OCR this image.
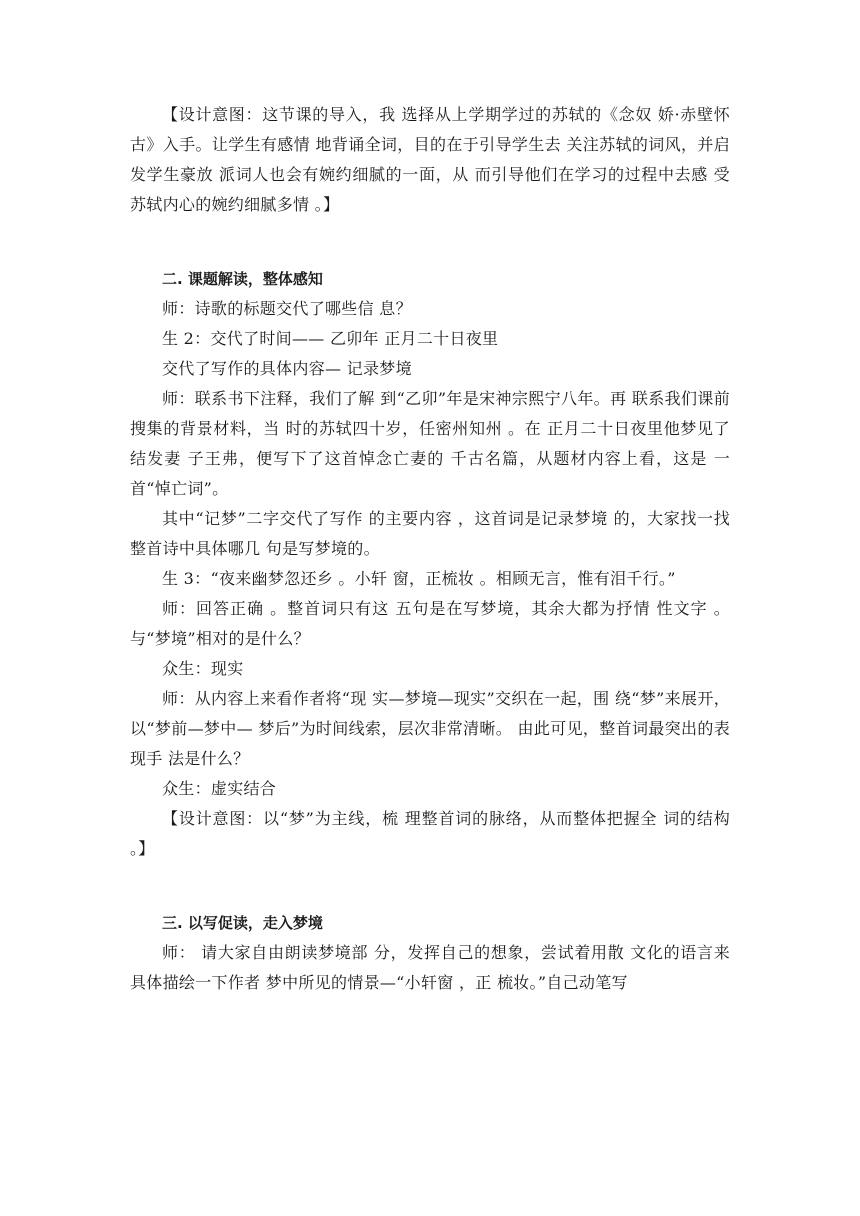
【设计意图：这节课的导入，我 选择从上学期学过的苏轼的《念奴 娇·赤壁怀古》入手。让学生有感情 地背诵全词，目的在于引导学生去 关注苏轼的词风，并启发学生豪放 派词人也会有婉约细腻的一面，从 而引导他们在学习的过程中去感 受苏轼内心的婉约细腻多情 。】

二. 课题解读，整体感知

师：诗歌的标题交代了哪些信 息？

生 2：交代了时间—— 乙卯年 正月二十日夜里

交代了写作的具体内容— 记录梦境

师：联系书下注释，我们了解 到“乙卯”年是宋神宗熙宁八年。再 联系我们课前搜集的背景材料，当 时的苏轼四十岁，任密州知州 。在 正月二十日夜里他梦见了结发妻 子王弗，便写下了这首悼念亡妻的 千古名篇，从题材内容上看，这是 一首“悼亡词”。

其中“记梦”二字交代了写作 的主要内容 ，这首词是记录梦境 的，大家找一找整首诗中具体哪几 句是写梦境的。

生 3：“夜来幽梦忽还乡 。小轩 窗，正梳妆 。相顾无言，惟有泪千行。”

师：回答正确 。整首词只有这 五句是在写梦境，其余大都为抒情 性文字 。与“梦境”相对的是什么？

众生：现实

师：从内容上来看作者将“现 实—梦境—现实”交织在一起，围 绕“梦”来展开，以“梦前—梦中— 梦后”为时间线索，层次非常清晰。 由此可见，整首词最突出的表现手 法是什么？

众生：虚实结合

【设计意图：以“梦”为主线，梳 理整首词的脉络，从而整体把握全 词的结构 。】

三. 以写促读，走入梦境

师： 请大家自由朗读梦境部 分，发挥自己的想象，尝试着用散 文化的语言来具体描绘一下作者 梦中所见的情景—“小轩窗 ，正 梳妆。”自己动笔写
